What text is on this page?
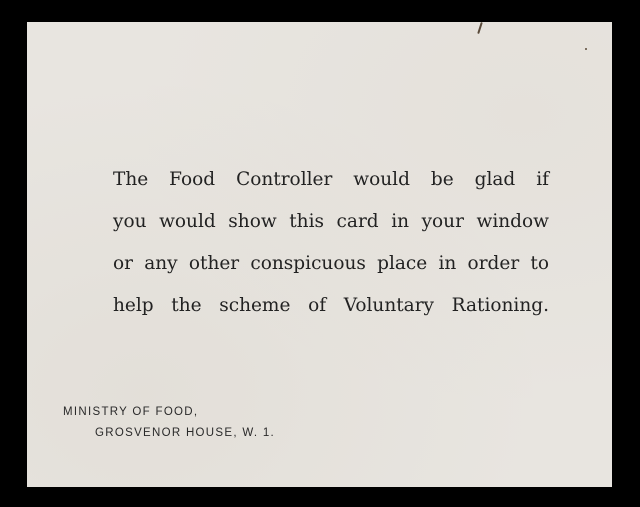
The Food Controller would be glad if
you would show this card in your window
or any other conspicuous place in order to
help the scheme of Voluntary Rationing.

MINISTRY OF FOOD,
GROSVENOR HOUSE, W. 1.
